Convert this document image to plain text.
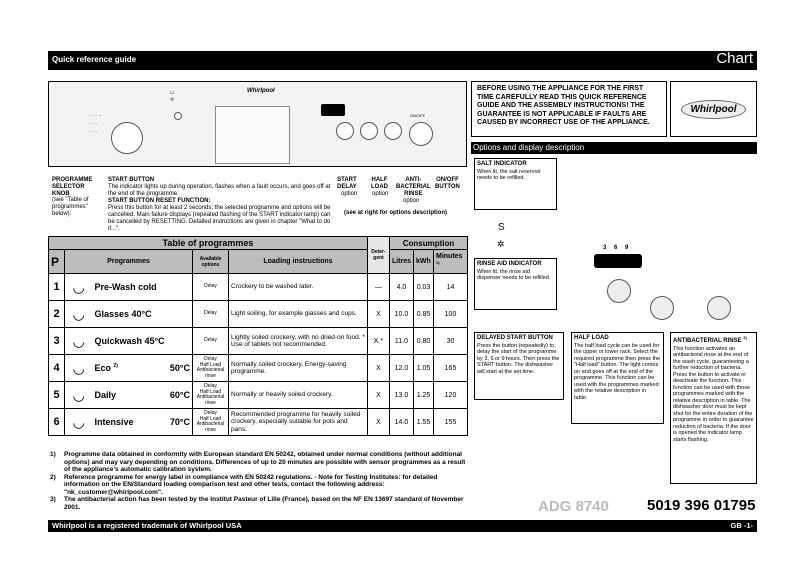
Quick reference guide	Chart
·· ·· ··
·· ··
·· ··
⊔
✲
Whirlpool
ON/OFF
PROGRAMME
SELECTOR
KNOB
(see "Table of
programmes"
below).
START BUTTON
The indicator lights up during operation, flashes when a fault occurs, and goes off at the end of the programme.
START BUTTON RESET FUNCTION:
Press this button for at least 2 seconds; the selected programme and options will be cancelled. Main failure displays (repeated flashing of the START indicator lamp) can be cancelled by RESETTING. Detailed instructions are given in chapter "What to do if...".
START
DELAY
option
HALF
LOAD
option
ANTI-
BACTERIAL
RINSE
option
ON/OFF
BUTTON
(see at right for options description)
Table of programmes					Deter-gent	Consumption		
P	Programmes		Available options	Loading instructions		Litres	kWh	Minutes $^{1)}$
1	◡	Pre-Wash cold	Delay	Crockery to be washed later.	—	4.0	0.03	14
2	◡	Glasses 40°C	Delay	Light soiling, for example glasses and cups.	X	10.0	0.85	100
3	◡	Quickwash 45°C	Delay	Lightly soiled crockery, with no dried-on food. * Use of tablets not recommended.	X *	11.0	0.80	30
4	◡	Eco $^{2)}$ 50°C	Delay
Half Load
Antibacterial rinse	Normally soiled crockery. Energy-saving programme.	X	12.0	1.05	165
5	◡	Daily 60°C	Delay
Half Load
Antibacterial rinse	Normally or heavily soiled crockery.	X	13.0	1.25	120
6	◡	Intensive 70°C	Delay
Half Load
Antibacterial rinse	Recommended programme for heavily soiled crockery, especially suitable for pots and pans.	X	14.0	1.55	155
1)	Programme data obtained in conformity with European standard EN 50242, obtained under normal conditions (without additional options) and may vary depending on conditions. Differences of up to 20 minutes are possible with sensor programmes as a result of the appliance's automatic calibration system.
2)	Reference programme for energy label in compliance with EN 50242 regulations. - Note for Testing Institutes: for detailed information on the EN/Standard loading comparison test and other tests, contact the following address: "nk_customer@whirlpool.com".
3)	The antibacterial action has been tested by the Institut Pasteur of Lille (France), based on the NF EN 13697 standard of November 2001.
BEFORE USING THE APPLIANCE FOR THE FIRST TIME CAREFULLY READ THIS QUICK REFERENCE GUIDE AND THE ASSEMBLY INSTRUCTIONS! THE GUARANTEE IS NOT APPLICABLE IF FAULTS ARE CAUSED BY INCORRECT USE OF THE APPLIANCE.
Whirlpool
Options and display description
SALT INDICATOR
When lit, the salt reservoir needs to be refilled.
Ѕ
✲
RINSE AID INDICATOR
When lit, the rinse aid dispenser needs to be refilled.
3 6 9
DELAYED START BUTTON
Press the button (repeatedly) to delay the start of the programme by 3, 6 or 9 hours. Then press the START button. The dishwasher will start at the set time.
HALF LOAD
The half load cycle can be used for the upper or lower rack. Select the required programme then press the "Half load" button. The light comes on and goes off at the end of the programme. This function can be used with the programmes marked with the relative description in table.
ANTIBACTERIAL RINSE $^{3)}$
This function activates an antibacterial rinse at the end of the wash cycle, guaranteeing a further reduction of bacteria. Press the button to activate or deactivate the function. This function can be used with those programmes marked with the relative description in table. The dishwasher door must be kept shut for the entire duration of the programme in order to guarantee reduction of bacteria. If the door is opened the indicator lamp starts flashing.
ADG 8740	5019 396 01795
Whirlpool is a registered trademark of Whirlpool USA	GB -1-
